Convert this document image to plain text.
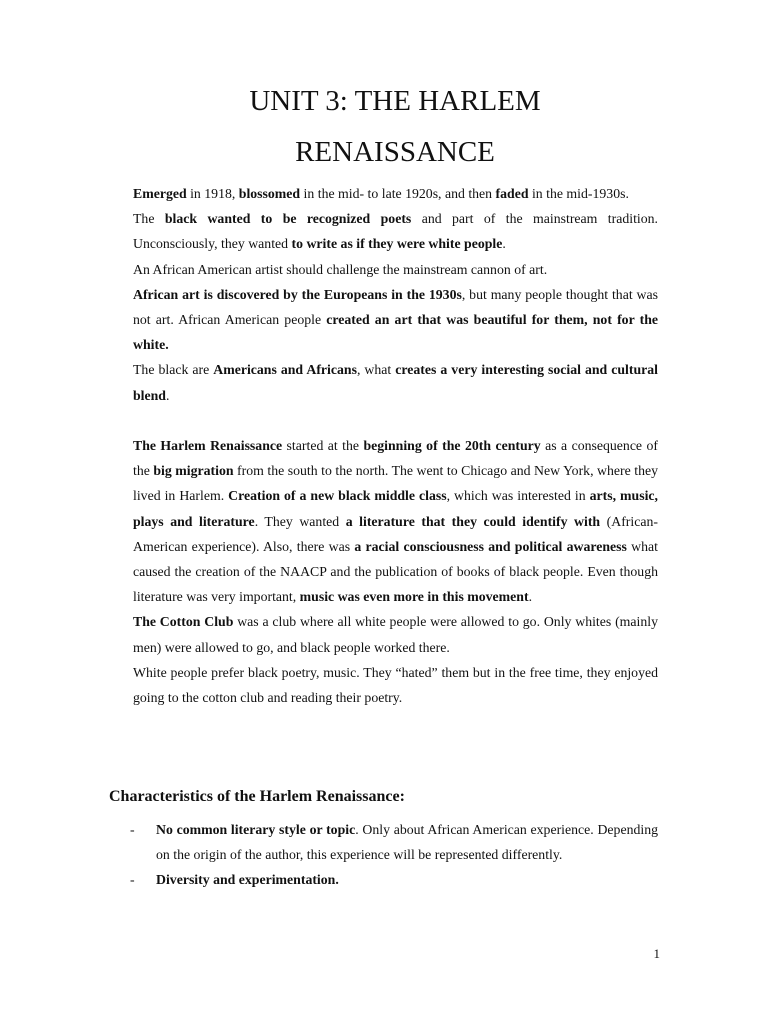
UNIT 3: THE HARLEM
RENAISSANCE

Emerged in 1918, blossomed in the mid- to late 1920s, and then faded in the mid-1930s.

The black wanted to be recognized poets and part of the mainstream tradition. Unconsciously, they wanted to write as if they were white people.

An African American artist should challenge the mainstream cannon of art.

African art is discovered by the Europeans in the 1930s, but many people thought that was not art. African American people created an art that was beautiful for them, not for the white.

The black are Americans and Africans, what creates a very interesting social and cultural blend.

The Harlem Renaissance started at the beginning of the 20th century as a consequence of the big migration from the south to the north. The went to Chicago and New York, where they lived in Harlem. Creation of a new black middle class, which was interested in arts, music, plays and literature. They wanted a literature that they could identify with (African-American experience). Also, there was a racial consciousness and political awareness what caused the creation of the NAACP and the publication of books of black people. Even though literature was very important, music was even more in this movement.

The Cotton Club was a club where all white people were allowed to go. Only whites (mainly men) were allowed to go, and black people worked there.

White people prefer black poetry, music. They “hated” them but in the free time, they enjoyed going to the cotton club and reading their poetry.

Characteristics of the Harlem Renaissance:
- No common literary style or topic. Only about African American experience. Depending on the origin of the author, this experience will be represented differently.
- Diversity and experimentation.
1
